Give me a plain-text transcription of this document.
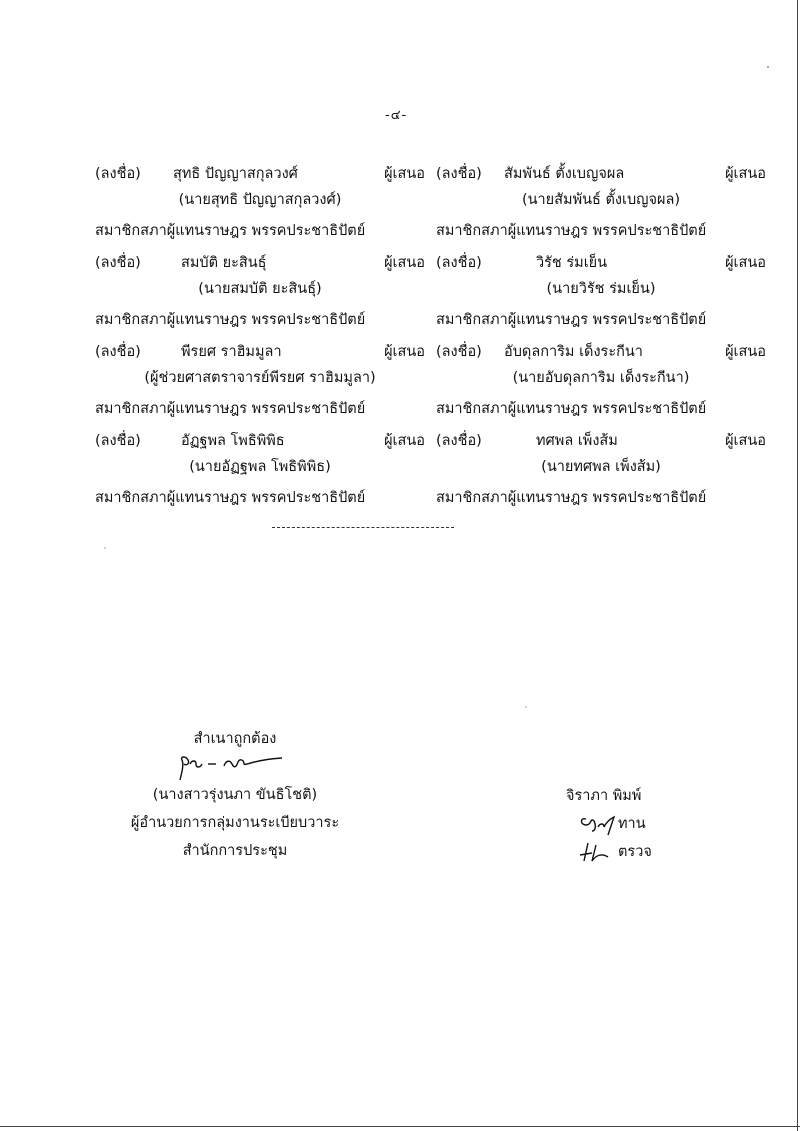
-๔-
(ลงชื่อ)	สุทธิ ปัญญาสกุลวงศ์	ผู้เสนอ
(นายสุทธิ ปัญญาสกุลวงศ์)
สมาชิกสภาผู้แทนราษฎร พรรคประชาธิปัตย์
(ลงชื่อ)	สมบัติ ยะสินธุ์	ผู้เสนอ
(นายสมบัติ ยะสินธุ์)
สมาชิกสภาผู้แทนราษฎร พรรคประชาธิปัตย์
(ลงชื่อ)	พีรยศ ราฮิมมูลา	ผู้เสนอ
(ผู้ช่วยศาสตราจารย์พีรยศ ราฮิมมูลา)
สมาชิกสภาผู้แทนราษฎร พรรคประชาธิปัตย์
(ลงชื่อ)	อัฏฐพล โพธิพิพิธ	ผู้เสนอ
(นายอัฏฐพล โพธิพิพิธ)
สมาชิกสภาผู้แทนราษฎร พรรคประชาธิปัตย์
(ลงชื่อ)	สัมพันธ์ ตั้งเบญจผล	ผู้เสนอ
(นายสัมพันธ์ ตั้งเบญจผล)
สมาชิกสภาผู้แทนราษฎร พรรคประชาธิปัตย์
(ลงชื่อ)	วิรัช ร่มเย็น	ผู้เสนอ
(นายวิรัช ร่มเย็น)
สมาชิกสภาผู้แทนราษฎร พรรคประชาธิปัตย์
(ลงชื่อ)	อับดุลการิม เด็งระกีนา	ผู้เสนอ
(นายอับดุลการิม เด็งระกีนา)
สมาชิกสภาผู้แทนราษฎร พรรคประชาธิปัตย์
(ลงชื่อ)	ทศพล เพ็งส้ม	ผู้เสนอ
(นายทศพล เพ็งส้ม)
สมาชิกสภาผู้แทนราษฎร พรรคประชาธิปัตย์
สำเนาถูกต้อง
(นางสาวรุ่งนภา ขันธิโชติ)
ผู้อำนวยการกลุ่มงานระเบียบวาระ
สำนักการประชุม
จิราภา พิมพ์
ทาน
ตรวจ
